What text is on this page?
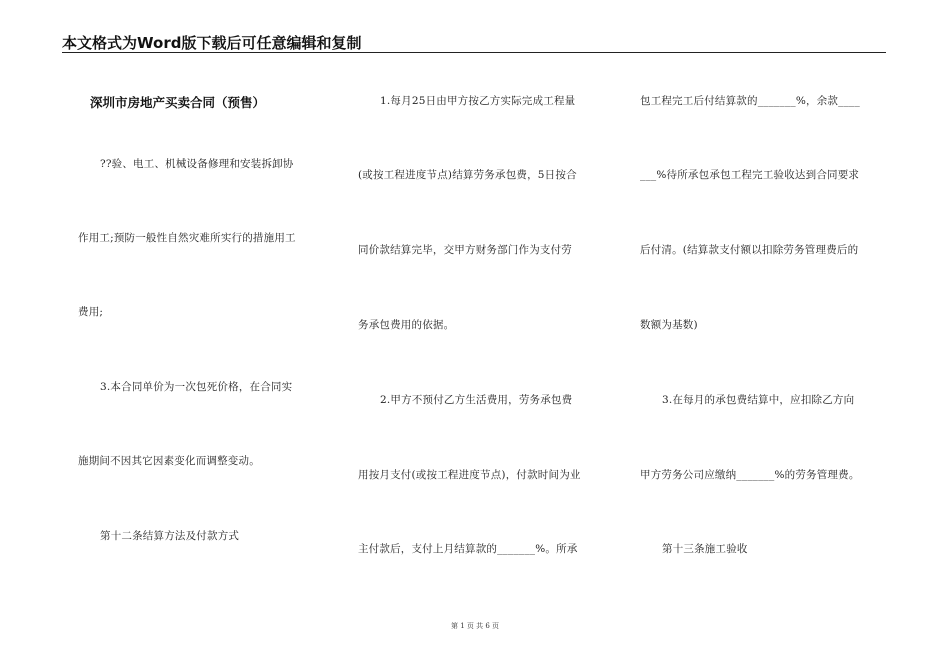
本文格式为Word版下载后可任意编辑和复制
深圳市房地产买卖合同（预售）
??验、电工、机械设备修理和安装拆卸协
作用工;预防一般性自然灾难所实行的措施用工
费用;
3.本合同单价为一次包死价格，在合同实
施期间不因其它因素变化而调整变动。
第十二条结算方法及付款方式
1.每月25日由甲方按乙方实际完成工程量
(或按工程进度节点)结算劳务承包费，5日按合
同价款结算完毕，交甲方财务部门作为支付劳
务承包费用的依据。
2.甲方不预付乙方生活费用，劳务承包费
用按月支付(或按工程进度节点)，付款时间为业
主付款后，支付上月结算款的_______%。所承
包工程完工后付结算款的_______%，余款____
___%待所承包承包工程完工验收达到合同要求
后付清。(结算款支付额以扣除劳务管理费后的
数额为基数)
3.在每月的承包费结算中，应扣除乙方向
甲方劳务公司应缴纳_______%的劳务管理费。
第十三条施工验收
第 1 页 共 6 页
